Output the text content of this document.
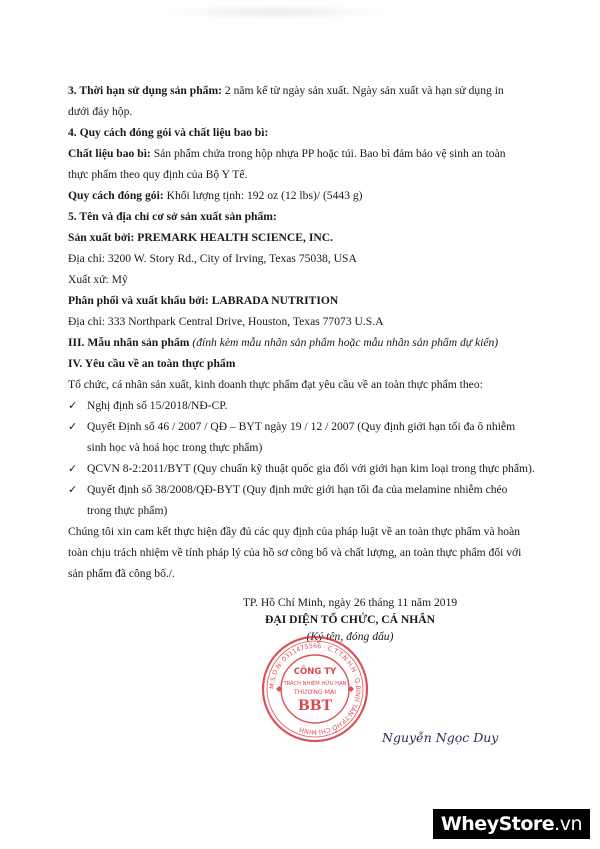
3. Thời hạn sử dụng sản phẩm: 2 năm kể từ ngày sản xuất. Ngày sản xuất và hạn sử dụng in
dưới đáy hộp.
4. Quy cách đóng gói và chất liệu bao bì:
Chất liệu bao bì: Sản phẩm chứa trong hộp nhựa PP hoặc túi. Bao bì đảm bảo vệ sinh an toàn
thực phẩm theo quy định của Bộ Y Tế.
Quy cách đóng gói: Khối lượng tịnh: 192 oz (12 lbs)/ (5443 g)
5. Tên và địa chỉ cơ sở sản xuất sản phẩm:
Sản xuất bởi: PREMARK HEALTH SCIENCE, INC.
Địa chỉ: 3200 W. Story Rd., City of Irving, Texas 75038, USA
Xuất xứ: Mỹ
Phân phối và xuất khẩu bởi: LABRADA NUTRITION
Địa chỉ: 333 Northpark Central Drive, Houston, Texas 77073 U.S.A
III. Mẫu nhãn sản phẩm (đính kèm mẫu nhãn sản phẩm hoặc mẫu nhãn sản phẩm dự kiến)
IV. Yêu cầu về an toàn thực phẩm
Tổ chức, cá nhân sản xuất, kinh doanh thực phẩm đạt yêu cầu về an toàn thực phẩm theo:
✓ Nghị định số 15/2018/NĐ-CP.
✓ Quyết Định số 46 / 2007 / QĐ – BYT ngày 19 / 12 / 2007 (Quy định giới hạn tối đa ô nhiễm
sinh học và hoá học trong thực phẩm)
✓ QCVN 8-2:2011/BYT (Quy chuẩn kỹ thuật quốc gia đối với giới hạn kim loại trong thực phẩm).
✓ Quyết định số 38/2008/QĐ-BYT (Quy định mức giới hạn tối đa của melamine nhiễm chéo
trong thực phẩm)
Chúng tôi xin cam kết thực hiện đầy đủ các quy định của pháp luật về an toàn thực phẩm và hoàn
toàn chịu trách nhiệm về tính pháp lý của hồ sơ công bố và chất lượng, an toàn thực phẩm đối với
sản phẩm đã công bố./.
TP. Hồ Chí Minh, ngày 26 tháng 11 năm 2019
ĐẠI DIỆN TỔ CHỨC, CÁ NHÂN
(Ký tên, đóng dấu)
M.S.D.N: 0311475566 · C.T.T.N.H.H · Q.BÌNH TÂN-TP.HỒ CHÍ MINH
CÔNG TY
TRÁCH NHIỆM HỮU HẠN
THƯƠNG MẠI
BBT
Nguyễn Ngọc Duy
WheyStore.vn
